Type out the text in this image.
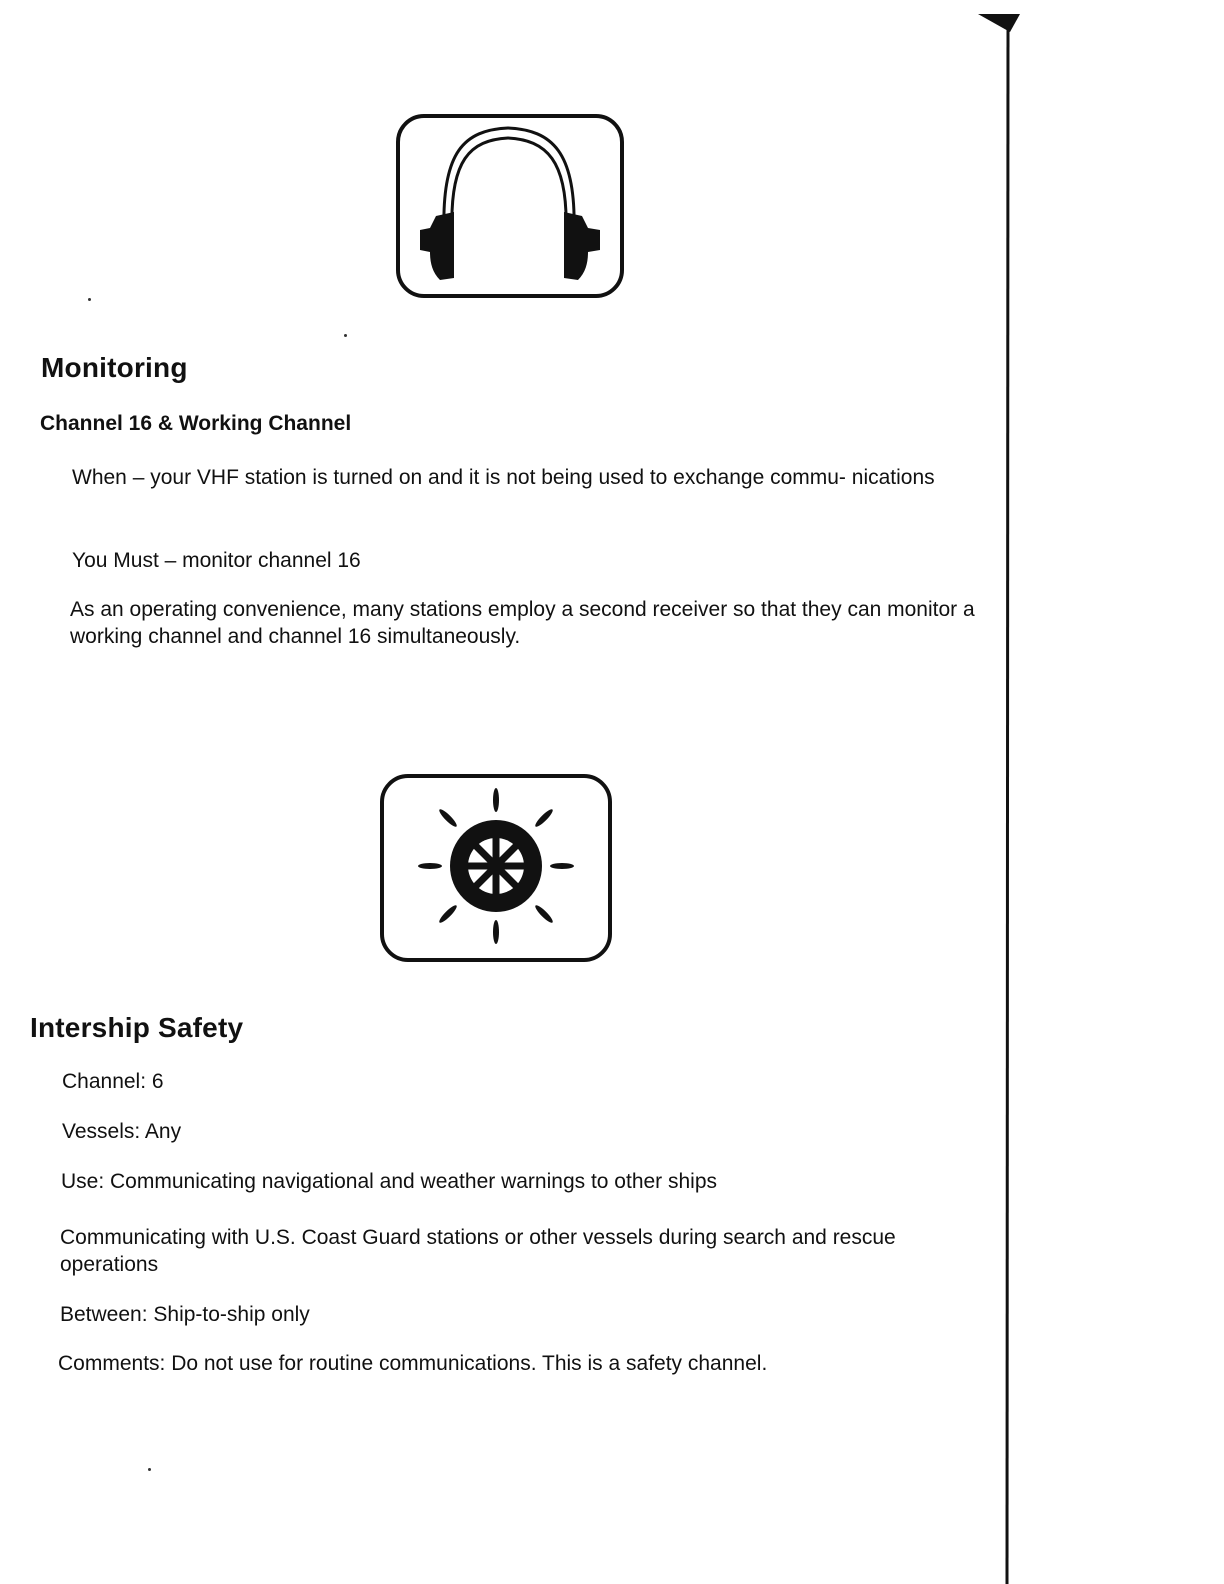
Monitoring
Channel 16 & Working Channel

When – your VHF station is turned on and it is not being used to exchange commu- nications

You Must – monitor channel 16

As an operating convenience, many stations employ a second receiver so that they can monitor a working channel and channel 16 simultaneously.

Intership Safety

Channel: 6

Vessels: Any

Use: Communicating navigational and weather warnings to other ships

Communicating with U.S. Coast Guard stations or other vessels during search and rescue operations

Between: Ship-to-ship only

Comments: Do not use for routine communications. This is a safety channel.
